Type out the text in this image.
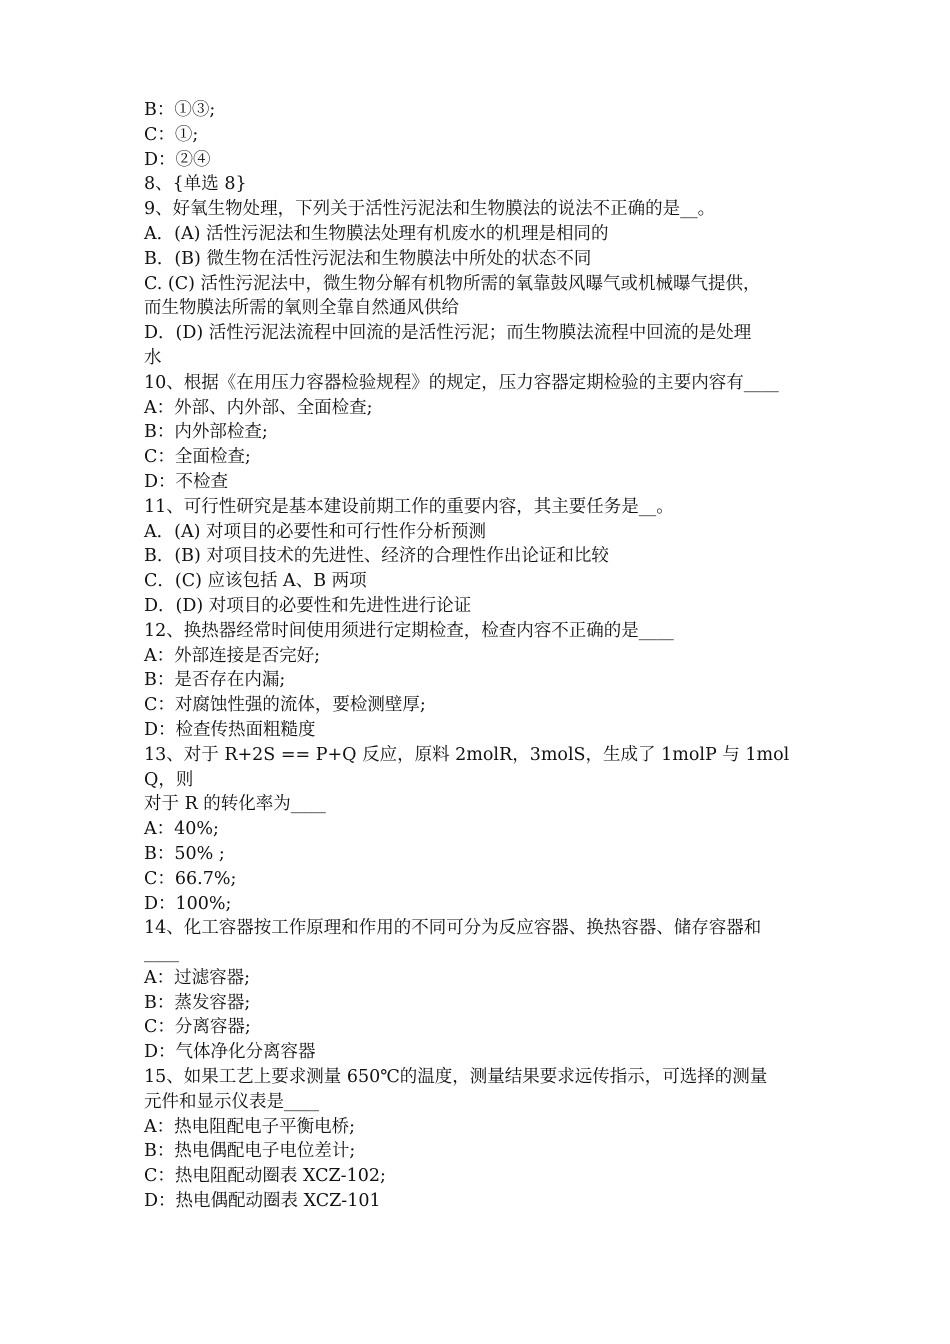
B：①③;

C：①;

D：②④

8、{单选 8}

9、好氧生物处理，下列关于活性污泥法和生物膜法的说法不正确的是__。

A．(A) 活性污泥法和生物膜法处理有机废水的机理是相同的

B．(B) 微生物在活性污泥法和生物膜法中所处的状态不同

C. (C) 活性污泥法中，微生物分解有机物所需的氧靠鼓风曝气或机械曝气提供，

而生物膜法所需的氧则全靠自然通风供给

D．(D) 活性污泥法流程中回流的是活性污泥；而生物膜法流程中回流的是处理

水

10、根据《在用压力容器检验规程》的规定，压力容器定期检验的主要内容有____

A：外部、内外部、全面检查;

B：内外部检查;

C：全面检查;

D：不检查

11、可行性研究是基本建设前期工作的重要内容，其主要任务是__。

A．(A) 对项目的必要性和可行性作分析预测

B．(B) 对项目技术的先进性、经济的合理性作出论证和比较

C．(C) 应该包括 A、B 两项

D．(D) 对项目的必要性和先进性进行论证

12、换热器经常时间使用须进行定期检查，检查内容不正确的是____

A：外部连接是否完好;

B：是否存在内漏;

C：对腐蚀性强的流体，要检测壁厚;

D：检查传热面粗糙度

13、对于 R+2S == P+Q 反应，原料 2molR，3molS，生成了 1molP 与 1molQ，则

对于 R 的转化率为____

A：40%;

B：50% ;

C：66.7%;

D：100%;

14、化工容器按工作原理和作用的不同可分为反应容器、换热容器、储存容器和

____

A：过滤容器;

B：蒸发容器;

C：分离容器;

D：气体净化分离容器

15、如果工艺上要求测量 650℃的温度，测量结果要求远传指示，可选择的测量

元件和显示仪表是____

A：热电阻配电子平衡电桥;

B：热电偶配电子电位差计;

C：热电阻配动圈表 XCZ-102;

D：热电偶配动圈表 XCZ-101
